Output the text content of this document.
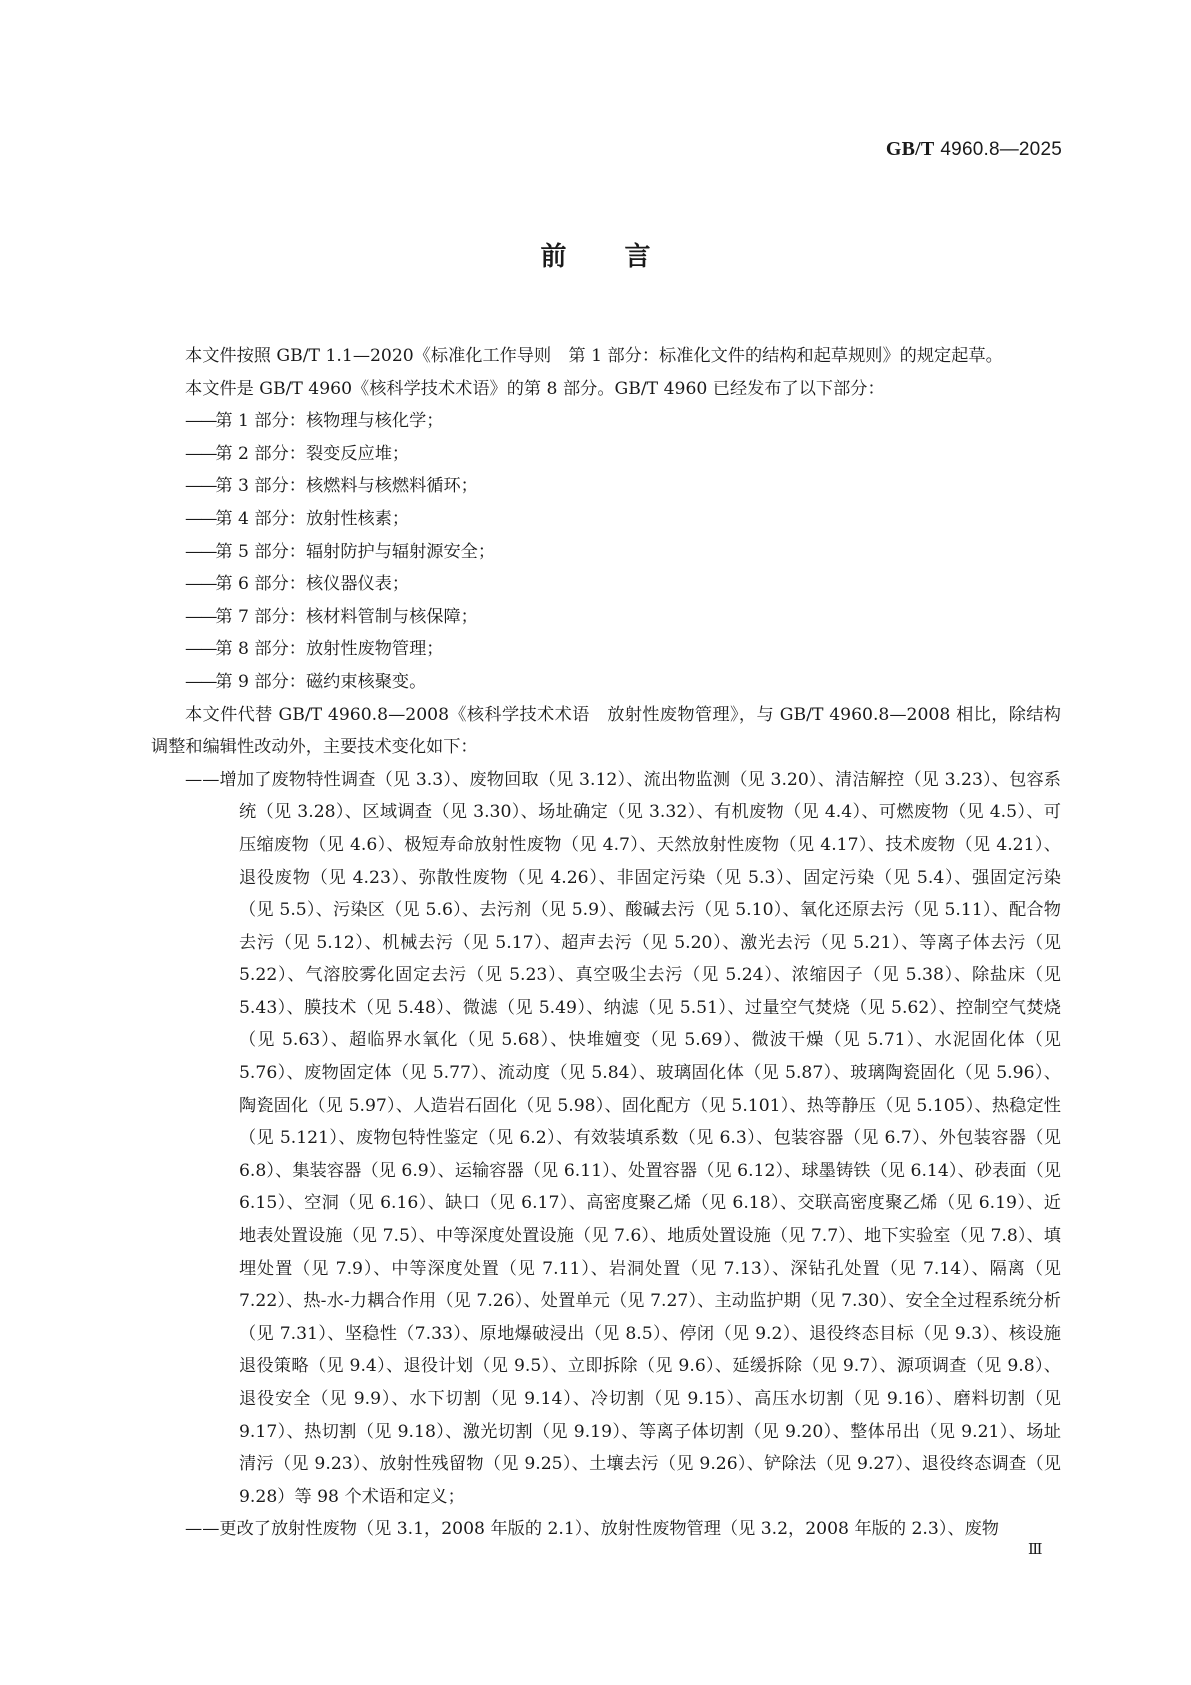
GB/T 4960.8—2025
前言

本文件按照 GB/T 1.1—2020《标准化工作导则　第 1 部分：标准化文件的结构和起草规则》的规定起草。

本文件是 GB/T 4960《核科学技术术语》的第 8 部分。GB/T 4960 已经发布了以下部分：

——第 1 部分：核物理与核化学；

——第 2 部分：裂变反应堆；

——第 3 部分：核燃料与核燃料循环；

——第 4 部分：放射性核素；

——第 5 部分：辐射防护与辐射源安全；

——第 6 部分：核仪器仪表；

——第 7 部分：核材料管制与核保障；

——第 8 部分：放射性废物管理；

——第 9 部分：磁约束核聚变。

本文件代替 GB/T 4960.8—2008《核科学技术术语　放射性废物管理》，与 GB/T 4960.8—2008 相比，除结构调整和编辑性改动外，主要技术变化如下：

——增加了废物特性调查（见 3.3）、废物回取（见 3.12）、流出物监测（见 3.20）、清洁解控（见 3.23）、包容系统（见 3.28）、区域调查（见 3.30）、场址确定（见 3.32）、有机废物（见 4.4）、可燃废物（见 4.5）、可压缩废物（见 4.6）、极短寿命放射性废物（见 4.7）、天然放射性废物（见 4.17）、技术废物（见 4.21）、退役废物（见 4.23）、弥散性废物（见 4.26）、非固定污染（见 5.3）、固定污染（见 5.4）、强固定污染（见 5.5）、污染区（见 5.6）、去污剂（见 5.9）、酸碱去污（见 5.10）、氧化还原去污（见 5.11）、配合物去污（见 5.12）、机械去污（见 5.17）、超声去污（见 5.20）、激光去污（见 5.21）、等离子体去污（见 5.22）、气溶胶雾化固定去污（见 5.23）、真空吸尘去污（见 5.24）、浓缩因子（见 5.38）、除盐床（见 5.43）、膜技术（见 5.48）、微滤（见 5.49）、纳滤（见 5.51）、过量空气焚烧（见 5.62）、控制空气焚烧（见 5.63）、超临界水氧化（见 5.68）、快堆嬗变（见 5.69）、微波干燥（见 5.71）、水泥固化体（见 5.76）、废物固定体（见 5.77）、流动度（见 5.84）、玻璃固化体（见 5.87）、玻璃陶瓷固化（见 5.96）、陶瓷固化（见 5.97）、人造岩石固化（见 5.98）、固化配方（见 5.101）、热等静压（见 5.105）、热稳定性（见 5.121）、废物包特性鉴定（见 6.2）、有效装填系数（见 6.3）、包装容器（见 6.7）、外包装容器（见 6.8）、集装容器（见 6.9）、运输容器（见 6.11）、处置容器（见 6.12）、球墨铸铁（见 6.14）、砂表面（见 6.15）、空洞（见 6.16）、缺口（见 6.17）、高密度聚乙烯（见 6.18）、交联高密度聚乙烯（见 6.19）、近地表处置设施（见 7.5）、中等深度处置设施（见 7.6）、地质处置设施（见 7.7）、地下实验室（见 7.8）、填埋处置（见 7.9）、中等深度处置（见 7.11）、岩洞处置（见 7.13）、深钻孔处置（见 7.14）、隔离（见 7.22）、热-水-力耦合作用（见 7.26）、处置单元（见 7.27）、主动监护期（见 7.30）、安全全过程系统分析（见 7.31）、坚稳性（7.33）、原地爆破浸出（见 8.5）、停闭（见 9.2）、退役终态目标（见 9.3）、核设施退役策略（见 9.4）、退役计划（见 9.5）、立即拆除（见 9.6）、延缓拆除（见 9.7）、源项调查（见 9.8）、退役安全（见 9.9）、水下切割（见 9.14）、冷切割（见 9.15）、高压水切割（见 9.16）、磨料切割（见 9.17）、热切割（见 9.18）、激光切割（见 9.19）、等离子体切割（见 9.20）、整体吊出（见 9.21）、场址清污（见 9.23）、放射性残留物（见 9.25）、土壤去污（见 9.26）、铲除法（见 9.27）、退役终态调查（见 9.28）等 98 个术语和定义；

——更改了放射性废物（见 3.1，2008 年版的 2.1）、放射性废物管理（见 3.2，2008 年版的 2.3）、废物

Ⅲ
